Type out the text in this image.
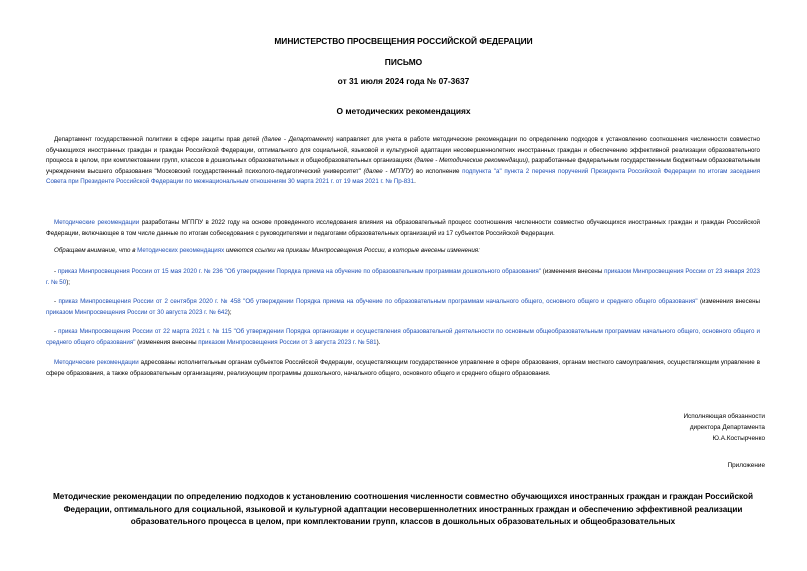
МИНИСТЕРСТВО ПРОСВЕЩЕНИЯ РОССИЙСКОЙ ФЕДЕРАЦИИ
ПИСЬМО
от 31 июля 2024 года № 07-3637
О методических рекомендациях

Департамент государственной политики в сфере защиты прав детей (далее - Департамент) направляет для учета в работе методические рекомендации по определению подходов к установлению соотношения численности совместно обучающихся иностранных граждан и граждан Российской Федерации, оптимального для социальной, языковой и культурной адаптации несовершеннолетних иностранных граждан и обеспечению эффективной реализации образовательного процесса в целом, при комплектовании групп, классов в дошкольных образовательных и общеобразовательных организациях (далее - Методические рекомендации), разработанные федеральным государственным бюджетным образовательным учреждением высшего образования "Московский государственный психолого-педагогический университет" (далее - МГППУ) во исполнение подпункта "а" пункта 2 перечня поручений Президента Российской Федерации по итогам заседания Совета при Президенте Российской Федерации по межнациональным отношениям 30 марта 2021 г. от 19 мая 2021 г. № Пр-831.

Методические рекомендации разработаны МГППУ в 2022 году на основе проведенного исследования влияния на образовательный процесс соотношения численности совместно обучающихся иностранных граждан и граждан Российской Федерации, включающее в том числе данные по итогам собеседования с руководителями и педагогами образовательных организаций из 17 субъектов Российской Федерации.

Обращаем внимание, что в Методических рекомендациях имеются ссылки на приказы Минпросвещения России, в которые внесены изменения:

- приказ Минпросвещения России от 15 мая 2020 г. № 236 "Об утверждении Порядка приема на обучение по образовательным программам дошкольного образования" (изменения внесены приказом Минпросвещения России от 23 января 2023 г. № 50);

- приказ Минпросвещения России от 2 сентября 2020 г. № 458 "Об утверждении Порядка приема на обучение по образовательным программам начального общего, основного общего и среднего общего образования" (изменения внесены приказом Минпросвещения России от 30 августа 2023 г. № 642);

- приказ Минпросвещения России от 22 марта 2021 г. № 115 "Об утверждении Порядка организации и осуществления образовательной деятельности по основным общеобразовательным программам начального общего, основного общего и среднего общего образования" (изменения внесены приказом Минпросвещения России от 3 августа 2023 г. № 581).

Методические рекомендации адресованы исполнительным органам субъектов Российской Федерации, осуществляющим государственное управление в сфере образования, органам местного самоуправления, осуществляющим управление в сфере образования, а также образовательным организациям, реализующим программы дошкольного, начального общего, основного общего и среднего общего образования.

Исполняющая обязанности
директора Департамента
Ю.А.Костырченко
Приложение
Методические рекомендации по определению подходов к установлению соотношения численности совместно обучающихся иностранных граждан и граждан Российской Федерации, оптимального для социальной, языковой и культурной адаптации несовершеннолетних иностранных граждан и обеспечению эффективной реализации образовательного процесса в целом, при комплектовании групп, классов в дошкольных образовательных и общеобразовательных
